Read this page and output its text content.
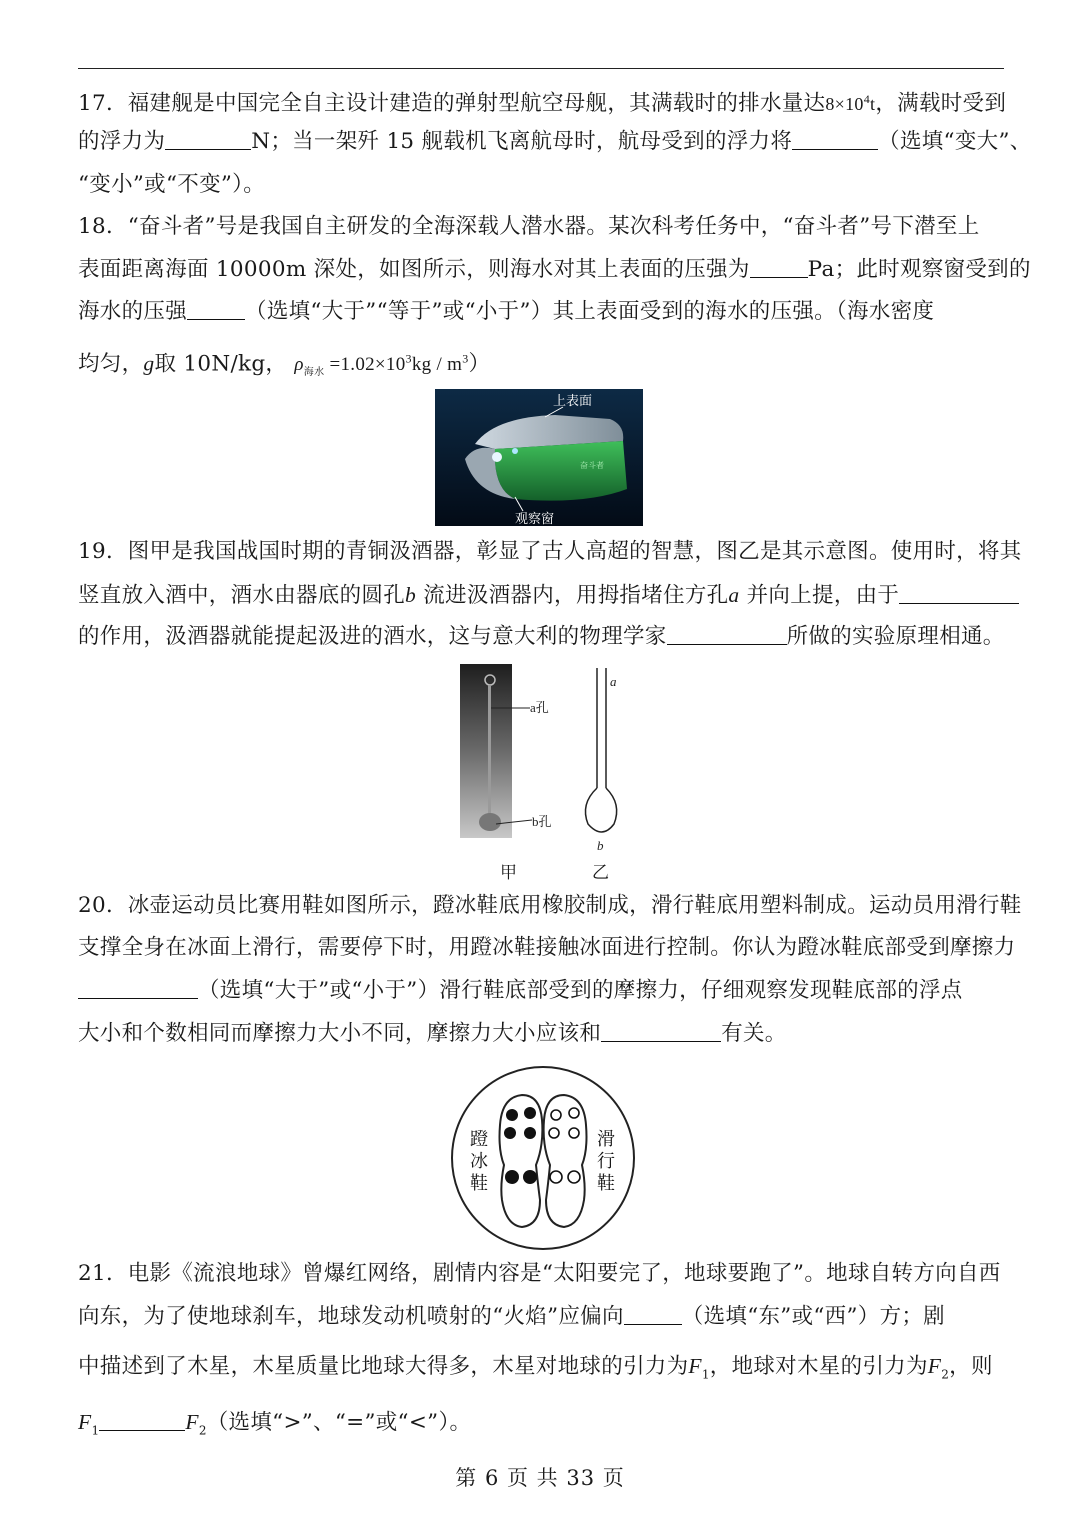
17．福建舰是中国完全自主设计建造的弹射型航空母舰，其满载时的排水量达$8\times 10^4t$，满载时受到
的浮力为	N；当一架歼 15 舰载机飞离航母时，航母受到的浮力将	（选填“变大”、
“变小”或“不变”）。
18．“奋斗者”号是我国自主研发的全海深载人潜水器。某次科考任务中，“奋斗者”号下潜至上
表面距离海面 10000m 深处，如图所示，则海水对其上表面的压强为	Pa；此时观察窗受到的
海水的压强	（选填“大于”“等于”或“小于”）其上表面受到的海水的压强。（海水密度
均匀，g取 10N/kg， $\rho_{海水} =1.02\times 10^3kg / m^3$）
奋斗者
上表面
观察窗
19．图甲是我国战国时期的青铜汲酒器，彰显了古人高超的智慧，图乙是其示意图。使用时，将其
竖直放入酒中，酒水由器底的圆孔b 流进汲酒器内，用拇指堵住方孔a 并向上提，由于
的作用，汲酒器就能提起汲进的酒水，这与意大利的物理学家	所做的实验原理相通。
a孔
b孔
a
b
甲	乙
20．冰壶运动员比赛用鞋如图所示，蹬冰鞋底用橡胶制成，滑行鞋底用塑料制成。运动员用滑行鞋
支撑全身在冰面上滑行，需要停下时，用蹬冰鞋接触冰面进行控制。你认为蹬冰鞋底部受到摩擦力
（选填“大于”或“小于”）滑行鞋底部受到的摩擦力，仔细观察发现鞋底部的浮点
大小和个数相同而摩擦力大小不同，摩擦力大小应该和	有关。
蹬
冰
鞋
滑
行
鞋
21．电影《流浪地球》曾爆红网络，剧情内容是“太阳要完了，地球要跑了”。地球自转方向自西
向东，为了使地球刹车，地球发动机喷射的“火焰”应偏向	（选填“东”或“西”）方；剧
中描述到了木星，木星质量比地球大得多，木星对地球的引力为$F_1$，地球对木星的引力为$F_2$，则
$F_1$	$F_2$（选填“>”、“=”或“<”）。
第 6 页 共 33 页
